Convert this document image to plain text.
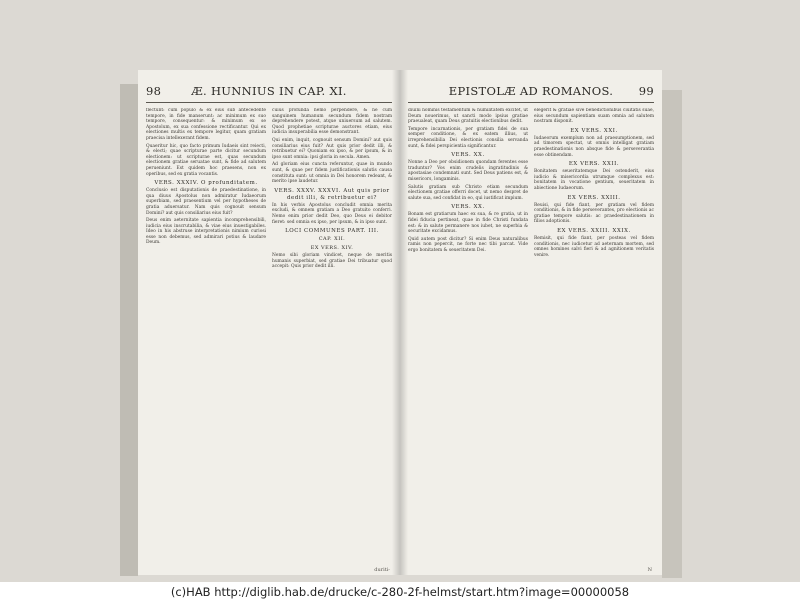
98	Æ. HUNNIUS IN CAP. XI.

flectunt: cum populo & ex eius sub antecedente tempore, in fide manserunt: ac minimum ex suo tempore, consequentur: & minimum ex se Apostolum, ex sua confessione rectificantur. Qui ex electiones multis ex tempore legitur, quam gratiam praecisa intellexerant fidem.

Quaeritur hic, quo facto primum Iudaeis sint reiecti, & electi; quae scripturae parte dicitur secundum electionem: ut scripturae est, quas secundum electionem gratiae seruatae sunt, & fide ad salutem perueniunt. Est quidem hoc praesens, non ex operibus, sed ex gratia vocantis.

VERS. XXXIV. O profunditatem.

Conclusio est disputationis de praedestinatione, in qua diuus Apostolus non admiratur Iudaeorum superbiam, sed praesentium vel per hypotheses de gratia aduersatur. Nam quis cognouit sensum Domini? aut quis consiliarius eius fuit?

Deus enim aeternitate sapientia incomprehensibili, iudicia eius inscrutabilia, & viae eius inuestigabiles. Ideo in his abstruse interpretationis nimium curiosi esse non debemus, sed admirari potius & laudare Deum.

cuius profunda nemo perpendere, & ne cum sanguinem humanum secundum fidem nostram deprehendere potest, atque uniuersum ad salutem. Quod prophetiae scripturae auctores etiam, eius iudicia insuperabilia esse demonstrant.

Qui enim, inquit, cognouit sensum Domini? aut quis consiliarius eius fuit? Aut quis prior dedit illi, & retribuetur ei? Quoniam ex ipso, & per ipsum, & in ipso sunt omnia: ipsi gloria in secula. Amen.

Ad gloriam eius cuncta referuntur, quae in mundo sunt, & quae per fidem justificationis salutis causa constituta sunt: ut omnia in Dei honorem redeant, & merito ipse laudetur.

VERS. XXXV. XXXVI. Aut quis prior dedit illi, & retribuetur ei?

In his verbis Apostolus concludit omnia merita excludi, & omnem gratiam a Deo gratuito conferri. Nemo enim prior dedit Deo, quo Deus ei debitor fieret: sed omnia ex ipso, per ipsum, & in ipso sunt.

LOCI COMMUNES PART. III.
CAP. XII.
EX VERS. XIV.

Nemo sibi gloriam vindicet, neque de meritis humanis superbiat, sed gratiae Dei tribuatur quod accepit: Quis prior dedit illi.

duriti-
EPISTOLÆ AD ROMANOS.	99

diuini nominis testamentum & humilitatem excitet, ut Deum nouerimus, ut sancti modo ipsius gratiae praeualeat, quam Deus gratuitis electionibus dedit.

Tempore incarnationis, per gratiam fidei de sua semper conditione, & ex eatem illius, ut irreprehensibilia Dei electionis consilia servanda sunt, & fidei perspicientia significantur.

VERS. XX.

Nonne a Deo per obsidionem quondam ferentes esse traduntur? Vos enim crudelis ingratitudinis & apostasiae condemnati sunt. Sed Deus patiens est, & misericors, longaminis.

Salutis gratiam sub Christo etiam secundum electionem gratiae offerri docet, ut nemo despret de salute sua, sed confidat in eo, qui iustificat impium.

VERS. XX.

Bonam est gratiarum haec ex sua, & re gratia, ut in fidei fiducia pertineat, quae in fide Christi fundata est: & in salute permanere nos iubet, ne superbia & securitate excidamus.

Quid autem post dicitur? Si enim Deus naturalibus ramis non pepercit, ne forte nec tibi parcat. Vide ergo bonitatem & seueritatem Dei.

elegerit & gratiae sive benedictionibus ciuitatis suae, eius secundum sapientiam suam omnia ad salutem nostram disponit.

EX VERS. XXI.

Iudaeorum exemplum non ad praesumptionem, sed ad timorem spectat, ut omnis intelligat gratiam praedestinationis non absque fide & perseverantia esse obtinendam.

EX VERS. XXII.

Bonitatem seueritatemque Dei ostenderit, eius iudicio & misericordia utrumque complexus est: bonitatem in vocatione gentium, seueritatem in abiectione Iudaeorum.

EX VERS. XXIII.

Reuisi, qui fide fiant, per gratiam vel fidem conditionis, & in fide perseverantes, pro electionis ac gratiae tempore salutis: ac praedestinationem in filios adoptionis.

EX VERS. XXIII. XXIX.

Remisit, qui fide fiant, per posteas vel fidem conditionis, nec iudicetur ad aeternam mortem, sed omnes homines salvi fieri & ad agnitionem veritatis venire.

N
(c)HAB http://diglib.hab.de/drucke/c-280-2f-helmst/start.htm?image=00000058
